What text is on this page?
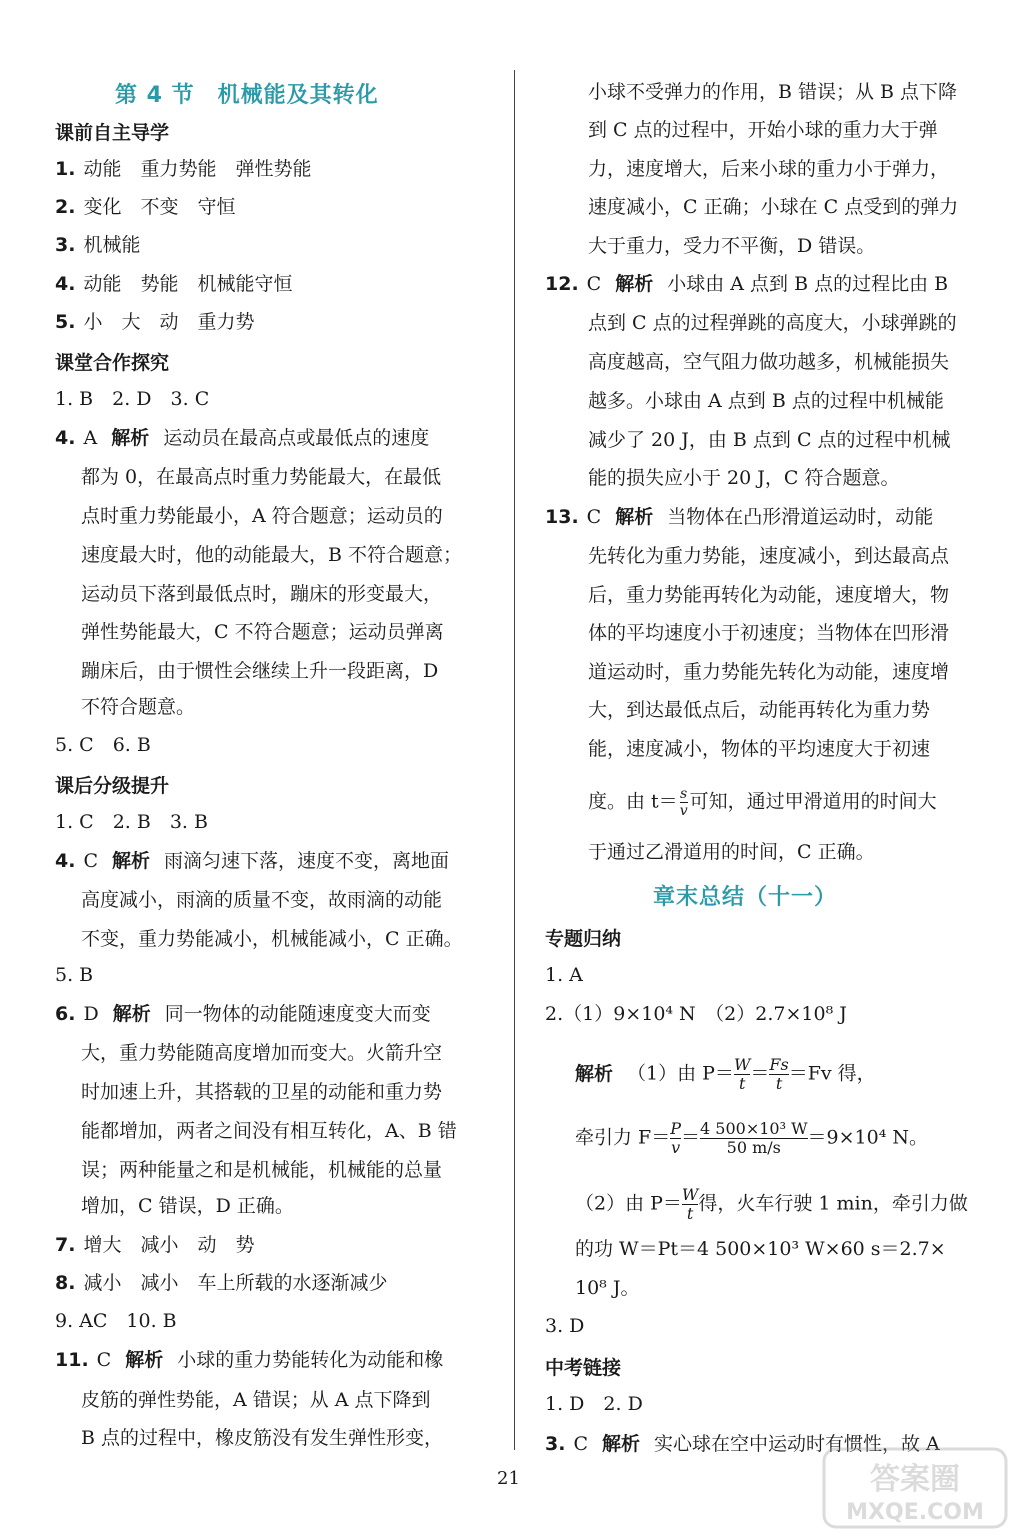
第 4 节　机械能及其转化
课前自主导学
1. 动能　重力势能　弹性势能
2. 变化　不变　守恒
3. 机械能
4. 动能　势能　机械能守恒
5. 小　大　动　重力势
课堂合作探究
1. B　2. D　3. C
4. A 解析 运动员在最高点或最低点的速度
都为 0，在最高点时重力势能最大，在最低
点时重力势能最小，A 符合题意；运动员的
速度最大时，他的动能最大，B 不符合题意；
运动员下落到最低点时，蹦床的形变最大，
弹性势能最大，C 不符合题意；运动员弹离
蹦床后，由于惯性会继续上升一段距离，D
不符合题意。
5. C　6. B
课后分级提升
1. C　2. B　3. B
4. C 解析 雨滴匀速下落，速度不变，离地面
高度减小，雨滴的质量不变，故雨滴的动能
不变，重力势能减小，机械能减小，C 正确。
5. B
6. D 解析 同一物体的动能随速度变大而变
大，重力势能随高度增加而变大。火箭升空
时加速上升，其搭载的卫星的动能和重力势
能都增加，两者之间没有相互转化，A、B 错
误；两种能量之和是机械能，机械能的总量
增加，C 错误，D 正确。
7. 增大　减小　动　势
8. 减小　减小　车上所载的水逐渐减少
9. AC　10. B
11. C 解析 小球的重力势能转化为动能和橡
皮筋的弹性势能，A 错误；从 A 点下降到
B 点的过程中，橡皮筋没有发生弹性形变，
小球不受弹力的作用，B 错误；从 B 点下降
到 C 点的过程中，开始小球的重力大于弹
力，速度增大，后来小球的重力小于弹力，
速度减小，C 正确；小球在 C 点受到的弹力
大于重力，受力不平衡，D 错误。
12. C 解析 小球由 A 点到 B 点的过程比由 B
点到 C 点的过程弹跳的高度大，小球弹跳的
高度越高，空气阻力做功越多，机械能损失
越多。小球由 A 点到 B 点的过程中机械能
减少了 20 J，由 B 点到 C 点的过程中机械
能的损失应小于 20 J，C 符合题意。
13. C 解析 当物体在凸形滑道运动时，动能
先转化为重力势能，速度减小，到达最高点
后，重力势能再转化为动能，速度增大，物
体的平均速度小于初速度；当物体在凹形滑
道运动时，重力势能先转化为动能，速度增
大，到达最低点后，动能再转化为重力势
能，速度减小，物体的平均速度大于初速
度。由 $t= \frac{s}{v}$ 可知，通过甲滑道用的时间大
于通过乙滑道用的时间，C 正确。
章末总结（十一）
专题归纳
1. A
2.（1）9×10⁴ N　（2）2.7×10⁸ J
解析 （1）由 $P= \frac{W}{t} = \frac{Fs}{t} =Fv$ 得，
牵引力 $F= \frac{P}{v} = \frac{\text{4 500×10³ W}}{50 m/s} =9\times 10^4$ N。
（2）由 $P= \frac{W}{t}$ 得，火车行驶 1 min，牵引力做
的功 W＝Pt＝4 500×10³ W×60 s＝2.7×
10⁸ J。
3. D
中考链接
1. D　2. D
3. C 解析 实心球在空中运动时有惯性，故 A
21	答案圈
MXQE.COM
